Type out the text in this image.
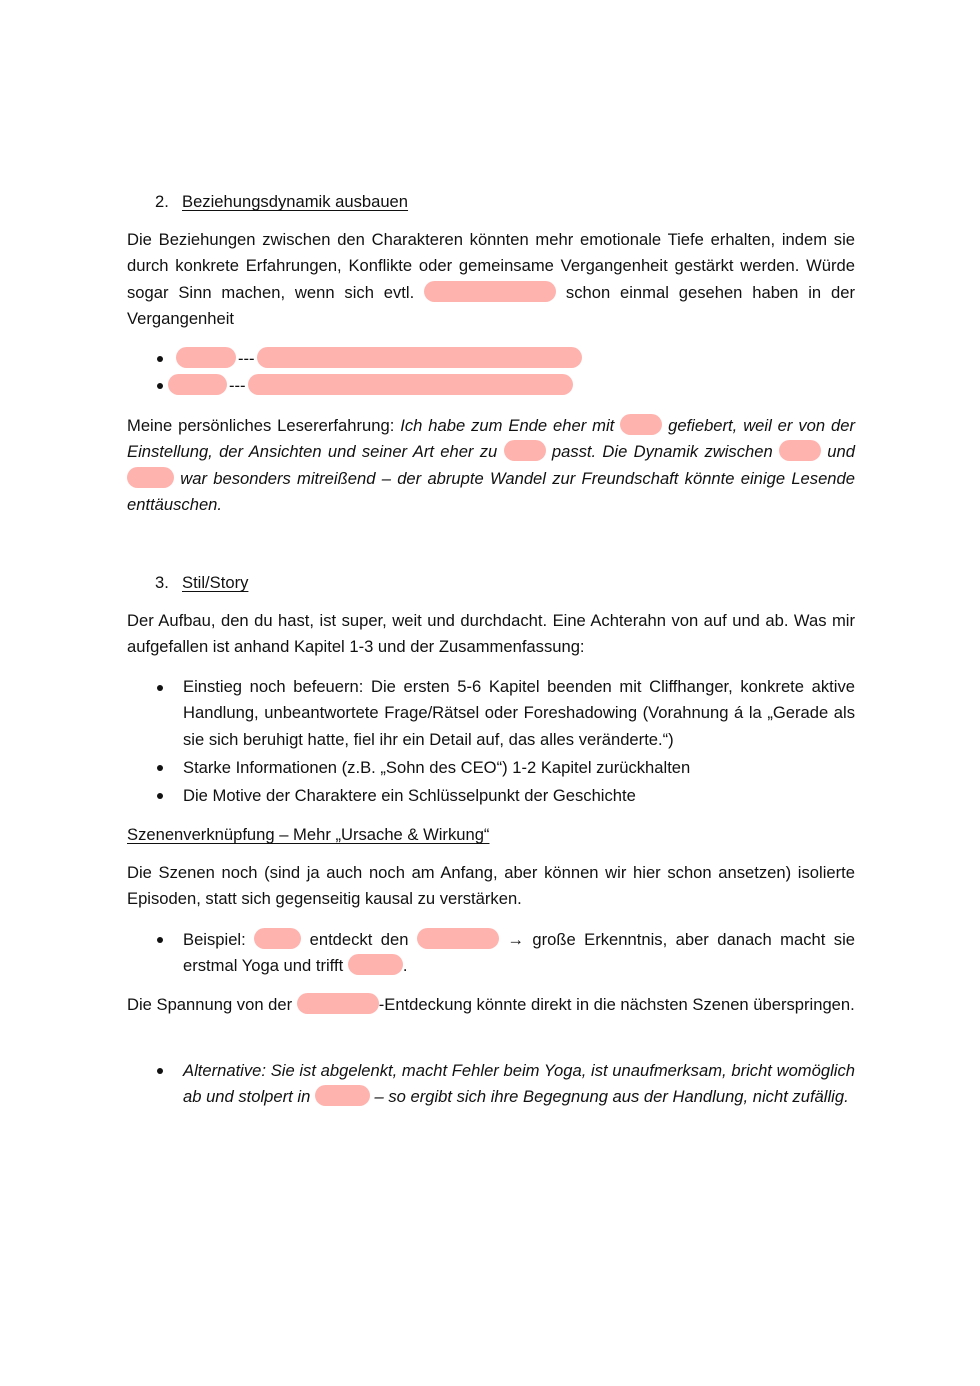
2. Beziehungsdynamik ausbauen

Die Beziehungen zwischen den Charakteren könnten mehr emotionale Tiefe erhalten, indem sie durch konkrete Erfahrungen, Konflikte oder gemeinsame Vergangenheit gestärkt werden. Würde sogar Sinn machen, wenn sich evtl.	schon einmal gesehen haben in der Vergangenheit

---
---

Meine persönliches Lesererfahrung: Ich habe zum Ende eher mit	gefiebert, weil er von der Einstellung, der Ansichten und seiner Art eher zu	passt. Die Dynamik zwischen	und  war besonders mitreißend – der abrupte Wandel zur Freundschaft könnte einige Lesende enttäuschen.

3. Stil/Story

Der Aufbau, den du hast, ist super, weit und durchdacht. Eine Achterahn von auf und ab. Was mir aufgefallen ist anhand Kapitel 1-3 und der Zusammenfassung:

Einstieg noch befeuern: Die ersten 5-6 Kapitel beenden mit Cliffhanger, konkrete aktive Handlung, unbeantwortete Frage/Rätsel oder Foreshadowing (Vorahnung á la „Gerade als sie sich beruhigt hatte, fiel ihr ein Detail auf, das alles veränderte.“)
Starke Informationen (z.B. „Sohn des CEO“) 1-2 Kapitel zurückhalten
Die Motive der Charaktere ein Schlüsselpunkt der Geschichte
Szenenverknüpfung – Mehr „Ursache & Wirkung“

Die Szenen noch (sind ja auch noch am Anfang, aber können wir hier schon ansetzen) isolierte Episoden, statt sich gegenseitig kausal zu verstärken.

Beispiel:	entdeckt den	→ große Erkenntnis, aber danach macht sie erstmal Yoga und trifft	.

Die Spannung von der	-Entdeckung könnte direkt in die nächsten Szenen überspringen.

Alternative: Sie ist abgelenkt, macht Fehler beim Yoga, ist unaufmerksam, bricht womöglich ab und stolpert in	– so ergibt sich ihre Begegnung aus der Handlung, nicht zufällig.
